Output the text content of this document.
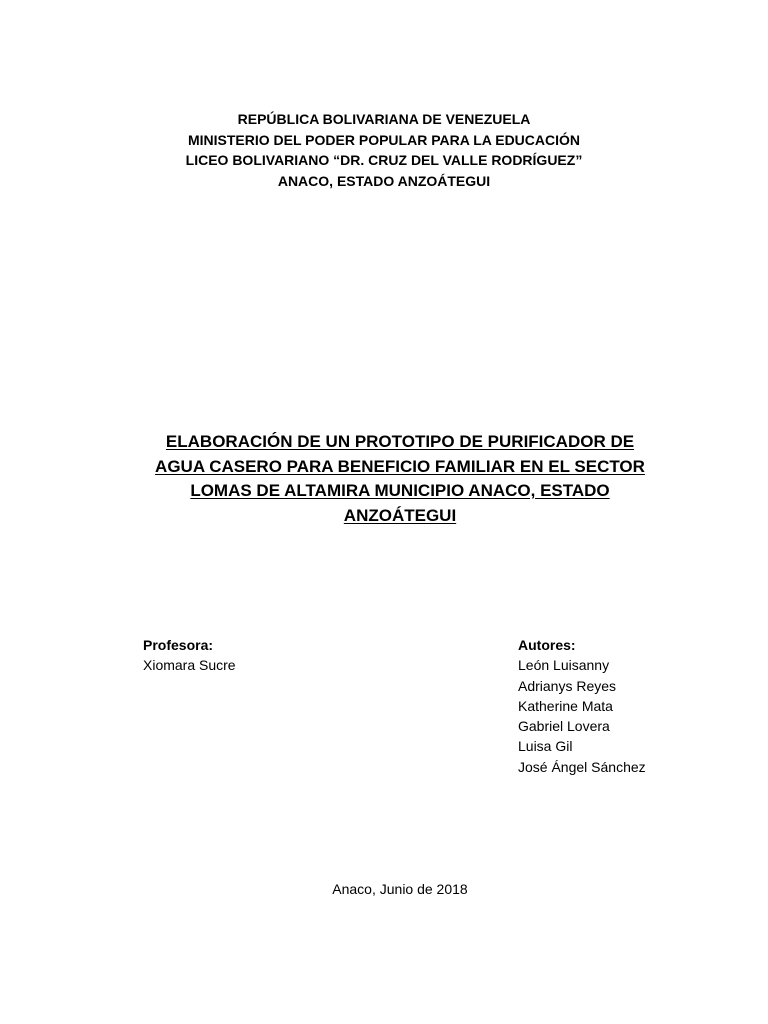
REPÚBLICA BOLIVARIANA DE VENEZUELA
MINISTERIO DEL PODER POPULAR PARA LA EDUCACIÓN
LICEO BOLIVARIANO “DR. CRUZ DEL VALLE RODRÍGUEZ”
ANACO, ESTADO ANZOÁTEGUI
ELABORACIÓN DE UN PROTOTIPO DE PURIFICADOR DE
AGUA CASERO PARA BENEFICIO FAMILIAR EN EL SECTOR
LOMAS DE ALTAMIRA MUNICIPIO ANACO, ESTADO
ANZOÁTEGUI
Profesora:
Xiomara Sucre
Autores:
León Luisanny
Adrianys Reyes
Katherine Mata
Gabriel Lovera
Luisa Gil
José Ángel Sánchez
Anaco, Junio de 2018
